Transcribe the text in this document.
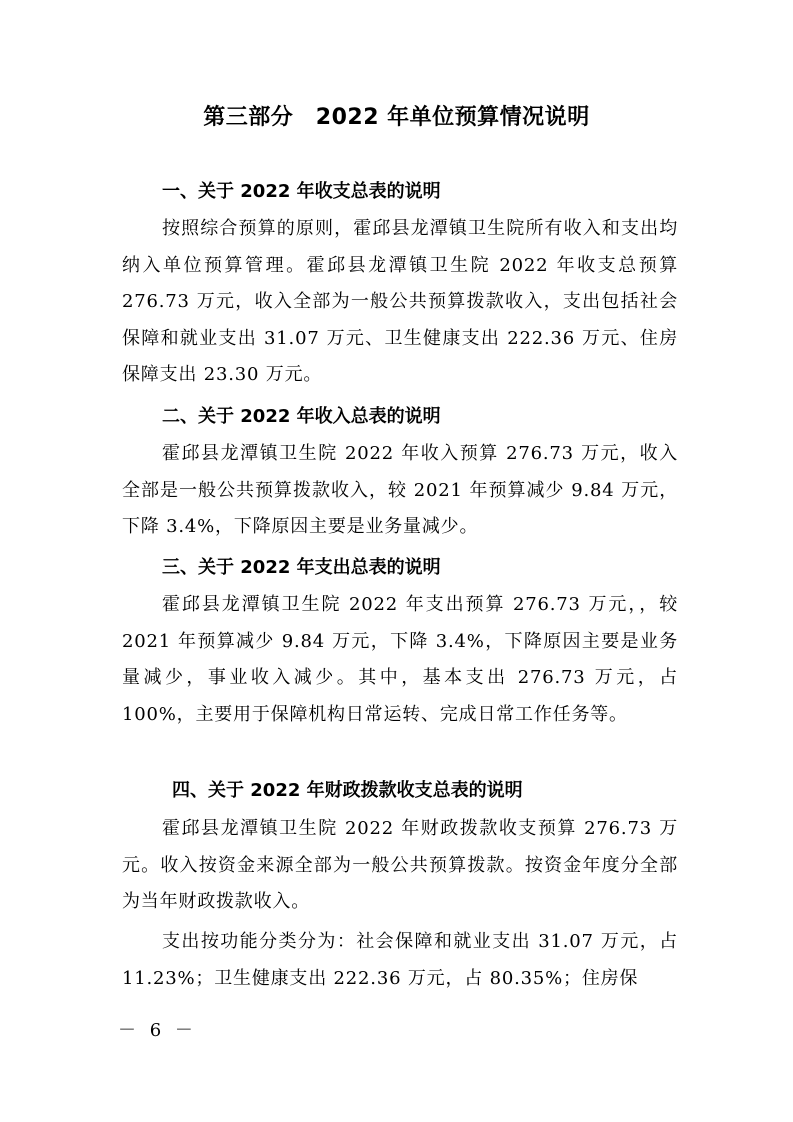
第三部分　2022 年单位预算情况说明
一、关于 2022 年收支总表的说明
按照综合预算的原则，霍邱县龙潭镇卫生院所有收入和支出均纳入单位预算管理。霍邱县龙潭镇卫生院 2022 年收支总预算 276.73 万元，收入全部为一般公共预算拨款收入，支出包括社会保障和就业支出 31.07 万元、卫生健康支出 222.36 万元、住房保障支出 23.30 万元。
二、关于 2022 年收入总表的说明
霍邱县龙潭镇卫生院 2022 年收入预算 276.73 万元，收入全部是一般公共预算拨款收入，较 2021 年预算减少 9.84 万元，下降 3.4%，下降原因主要是业务量减少。
三、关于 2022 年支出总表的说明
霍邱县龙潭镇卫生院 2022 年支出预算 276.73 万元，，较 2021 年预算减少 9.84 万元，下降 3.4%，下降原因主要是业务量减少，事业收入减少。其中，基本支出 276.73 万元，占 100%，主要用于保障机构日常运转、完成日常工作任务等。
四、关于 2022 年财政拨款收支总表的说明
霍邱县龙潭镇卫生院 2022 年财政拨款收支预算 276.73 万元。收入按资金来源全部为一般公共预算拨款。按资金年度分全部为当年财政拨款收入。
支出按功能分类分为：社会保障和就业支出 31.07 万元，占 11.23%；卫生健康支出 222.36 万元，占 80.35%；住房保
－ 6 －
